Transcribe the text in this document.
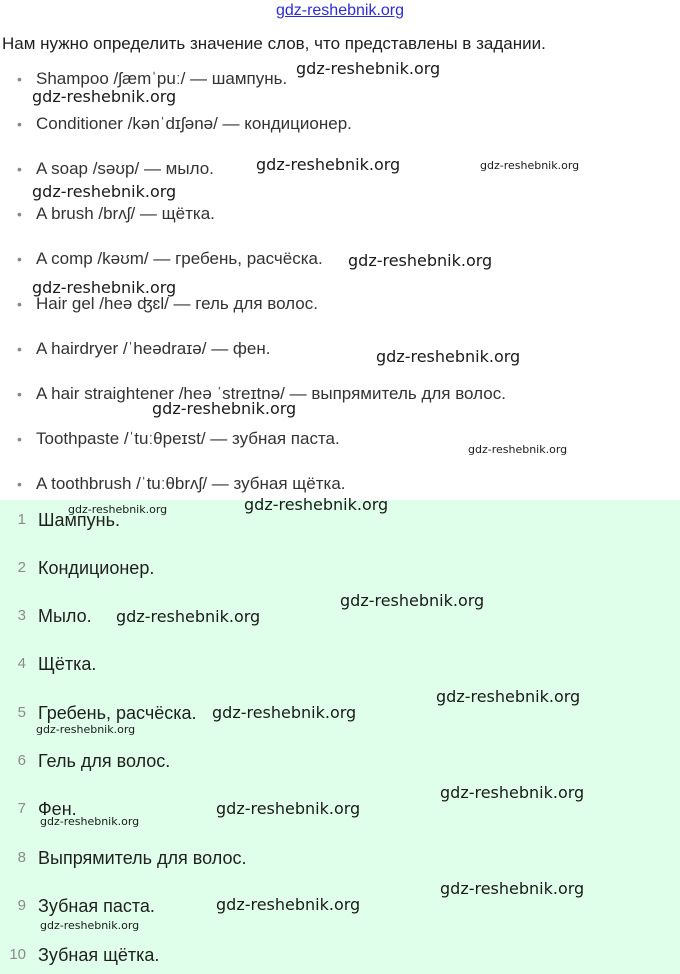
gdz-reshebnik.org
Нам нужно определить значение слов, что представлены в задании.
• Shampoo /ʃæmˈpuː/ — шампунь.
• Conditioner /kənˈdɪʃənə/ — кондиционер.
• A soap /səʊp/ — мыло.
• A brush /brʌʃ/ — щётка.
• A comp /kəʊm/ — гребень, расчёска.
• Hair gel /heə ʤɛl/ — гель для волос.
• A hairdryer /ˈheədraɪə/ — фен.
• A hair straightener /heə ˈstreɪtnə/ — выпрямитель для волос.
• Toothpaste /ˈtuːθpeɪst/ — зубная паста.
• A toothbrush /ˈtuːθbrʌʃ/ — зубная щётка.
1 Шампунь.
2 Кондиционер.
3 Мыло.
4 Щётка.
5 Гребень, расчёска.
6 Гель для волос.
7 Фен.
8 Выпрямитель для волос.
9 Зубная паста.
10 Зубная щётка.
gdz-reshebnik.org
gdz-reshebnik.org
gdz-reshebnik.org	gdz-reshebnik.org
gdz-reshebnik.org
gdz-reshebnik.org
gdz-reshebnik.org
gdz-reshebnik.org
gdz-reshebnik.org
gdz-reshebnik.org
gdz-reshebnik.org
gdz-reshebnik.org
gdz-reshebnik.org
gdz-reshebnik.org
gdz-reshebnik.org
gdz-reshebnik.org
gdz-reshebnik.org
gdz-reshebnik.org
gdz-reshebnik.org
gdz-reshebnik.org
gdz-reshebnik.org
gdz-reshebnik.org
gdz-reshebnik.org
